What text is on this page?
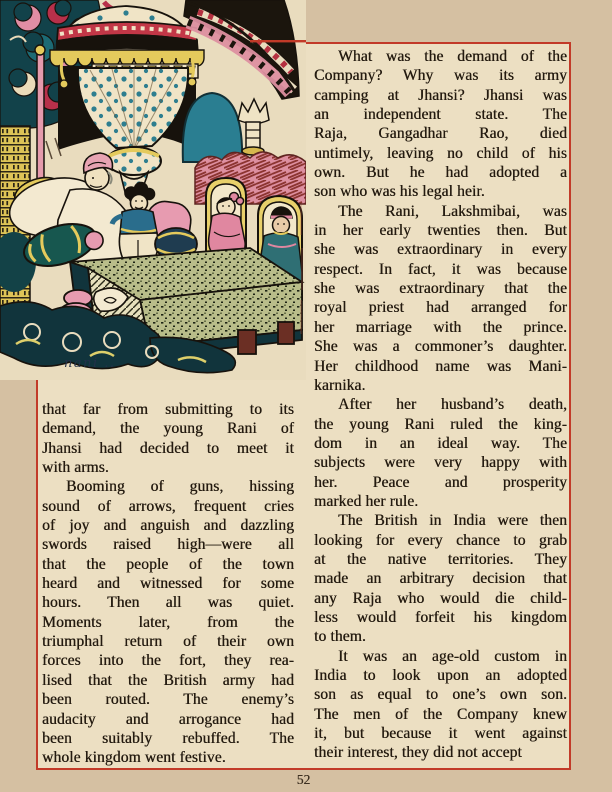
nani ..
that far from submitting to its
demand, the young Rani of
Jhansi had decided to meet it
with arms.
Booming of guns, hissing
sound of arrows, frequent cries
of joy and anguish and dazzling
swords raised high—were all
that the people of the town
heard and witnessed for some
hours. Then all was quiet.
Moments later, from the
triumphal return of their own
forces into the fort, they rea-
lised that the British army had
been routed. The enemy’s
audacity and arrogance had
been suitably rebuffed. The
whole kingdom went festive.
What was the demand of the
Company? Why was its army
camping at Jhansi? Jhansi was
an independent state. The
Raja, Gangadhar Rao, died
untimely, leaving no child of his
own. But he had adopted a
son who was his legal heir.
The Rani, Lakshmibai, was
in her early twenties then. But
she was extraordinary in every
respect. In fact, it was because
she was extraordinary that the
royal priest had arranged for
her marriage with the prince.
She was a commoner’s daughter.
Her childhood name was Mani-
karnika.
After her husband’s death,
the young Rani ruled the king-
dom in an ideal way. The
subjects were very happy with
her. Peace and prosperity
marked her rule.
The British in India were then
looking for every chance to grab
at the native territories. They
made an arbitrary decision that
any Raja who would die child-
less would forfeit his kingdom
to them.
It was an age-old custom in
India to look upon an adopted
son as equal to one’s own son.
The men of the Company knew
it, but because it went against
their interest, they did not accept
52
